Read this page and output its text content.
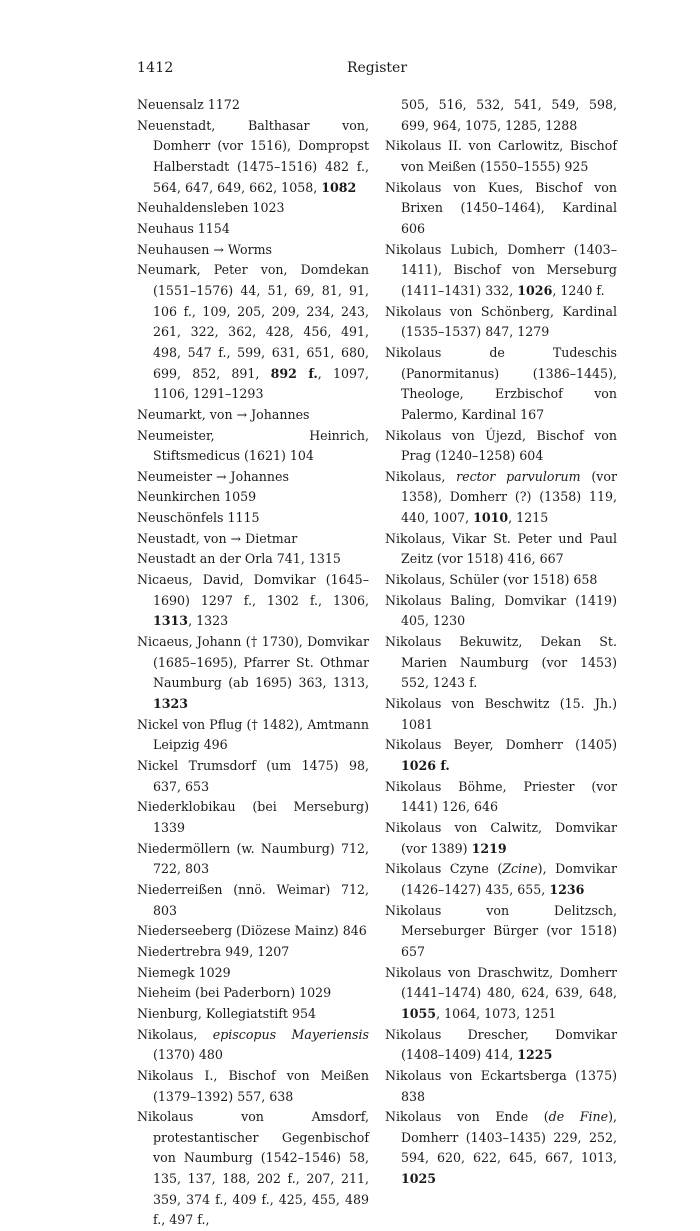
1412	Register
Neuensalz 1172
Neuenstadt, Balthasar von, Domherr (vor 1516), Dompropst Halberstadt (1475–1516) 482 f., 564, 647, 649, 662, 1058, 1082
Neuhaldensleben 1023
Neuhaus 1154
Neuhausen → Worms
Neumark, Peter von, Domdekan (1551–1576) 44, 51, 69, 81, 91, 106 f., 109, 205, 209, 234, 243, 261, 322, 362, 428, 456, 491, 498, 547 f., 599, 631, 651, 680, 699, 852, 891, 892 f., 1097, 1106, 1291–1293
Neumarkt, von → Johannes
Neumeister, Heinrich, Stiftsmedicus (1621) 104
Neumeister → Johannes
Neunkirchen 1059
Neuschönfels 1115
Neustadt, von → Dietmar
Neustadt an der Orla 741, 1315
Nicaeus, David, Domvikar (1645–1690) 1297 f., 1302 f., 1306, 1313, 1323
Nicaeus, Johann († 1730), Domvikar (1685–1695), Pfarrer St. Othmar Naumburg (ab 1695) 363, 1313, 1323
Nickel von Pflug († 1482), Amtmann Leipzig 496
Nickel Trumsdorf (um 1475) 98, 637, 653
Niederklobikau (bei Merseburg) 1339
Niedermöllern (w. Naumburg) 712, 722, 803
Niederreißen (nnö. Weimar) 712, 803
Niederseeberg (Diözese Mainz) 846
Niedertrebra 949, 1207
Niemegk 1029
Nieheim (bei Paderborn) 1029
Nienburg, Kollegiatstift 954
Nikolaus, episcopus Mayeriensis (1370) 480
Nikolaus I., Bischof von Meißen (1379–1392) 557, 638
Nikolaus von Amsdorf, protestantischer Gegenbischof von Naumburg (1542–1546) 58, 135, 137, 188, 202 f., 207, 211, 359, 374 f., 409 f., 425, 455, 489 f., 497 f.,
505, 516, 532, 541, 549, 598, 699, 964, 1075, 1285, 1288
Nikolaus II. von Carlowitz, Bischof von Meißen (1550–1555) 925
Nikolaus von Kues, Bischof von Brixen (1450–1464), Kardinal 606
Nikolaus Lubich, Domherr (1403–1411), Bischof von Merseburg (1411–1431) 332, 1026, 1240 f.
Nikolaus von Schönberg, Kardinal (1535–1537) 847, 1279
Nikolaus de Tudeschis (Panormitanus) (1386–1445), Theologe, Erzbischof von Palermo, Kardinal 167
Nikolaus von Újezd, Bischof von Prag (1240–1258) 604
Nikolaus, rector parvulorum (vor 1358), Domherr (?) (1358) 119, 440, 1007, 1010, 1215
Nikolaus, Vikar St. Peter und Paul Zeitz (vor 1518) 416, 667
Nikolaus, Schüler (vor 1518) 658
Nikolaus Baling, Domvikar (1419) 405, 1230
Nikolaus Bekuwitz, Dekan St. Marien Naumburg (vor 1453) 552, 1243 f.
Nikolaus von Beschwitz (15. Jh.) 1081
Nikolaus Beyer, Domherr (1405) 1026 f.
Nikolaus Böhme, Priester (vor 1441) 126, 646
Nikolaus von Calwitz, Domvikar (vor 1389) 1219
Nikolaus Czyne (Zcine), Domvikar (1426–1427) 435, 655, 1236
Nikolaus von Delitzsch, Merseburger Bürger (vor 1518) 657
Nikolaus von Draschwitz, Domherr (1441–1474) 480, 624, 639, 648, 1055, 1064, 1073, 1251
Nikolaus Drescher, Domvikar (1408–1409) 414, 1225
Nikolaus von Eckartsberga (1375) 838
Nikolaus von Ende (de Fine), Domherr (1403–1435) 229, 252, 594, 620, 622, 645, 667, 1013, 1025
